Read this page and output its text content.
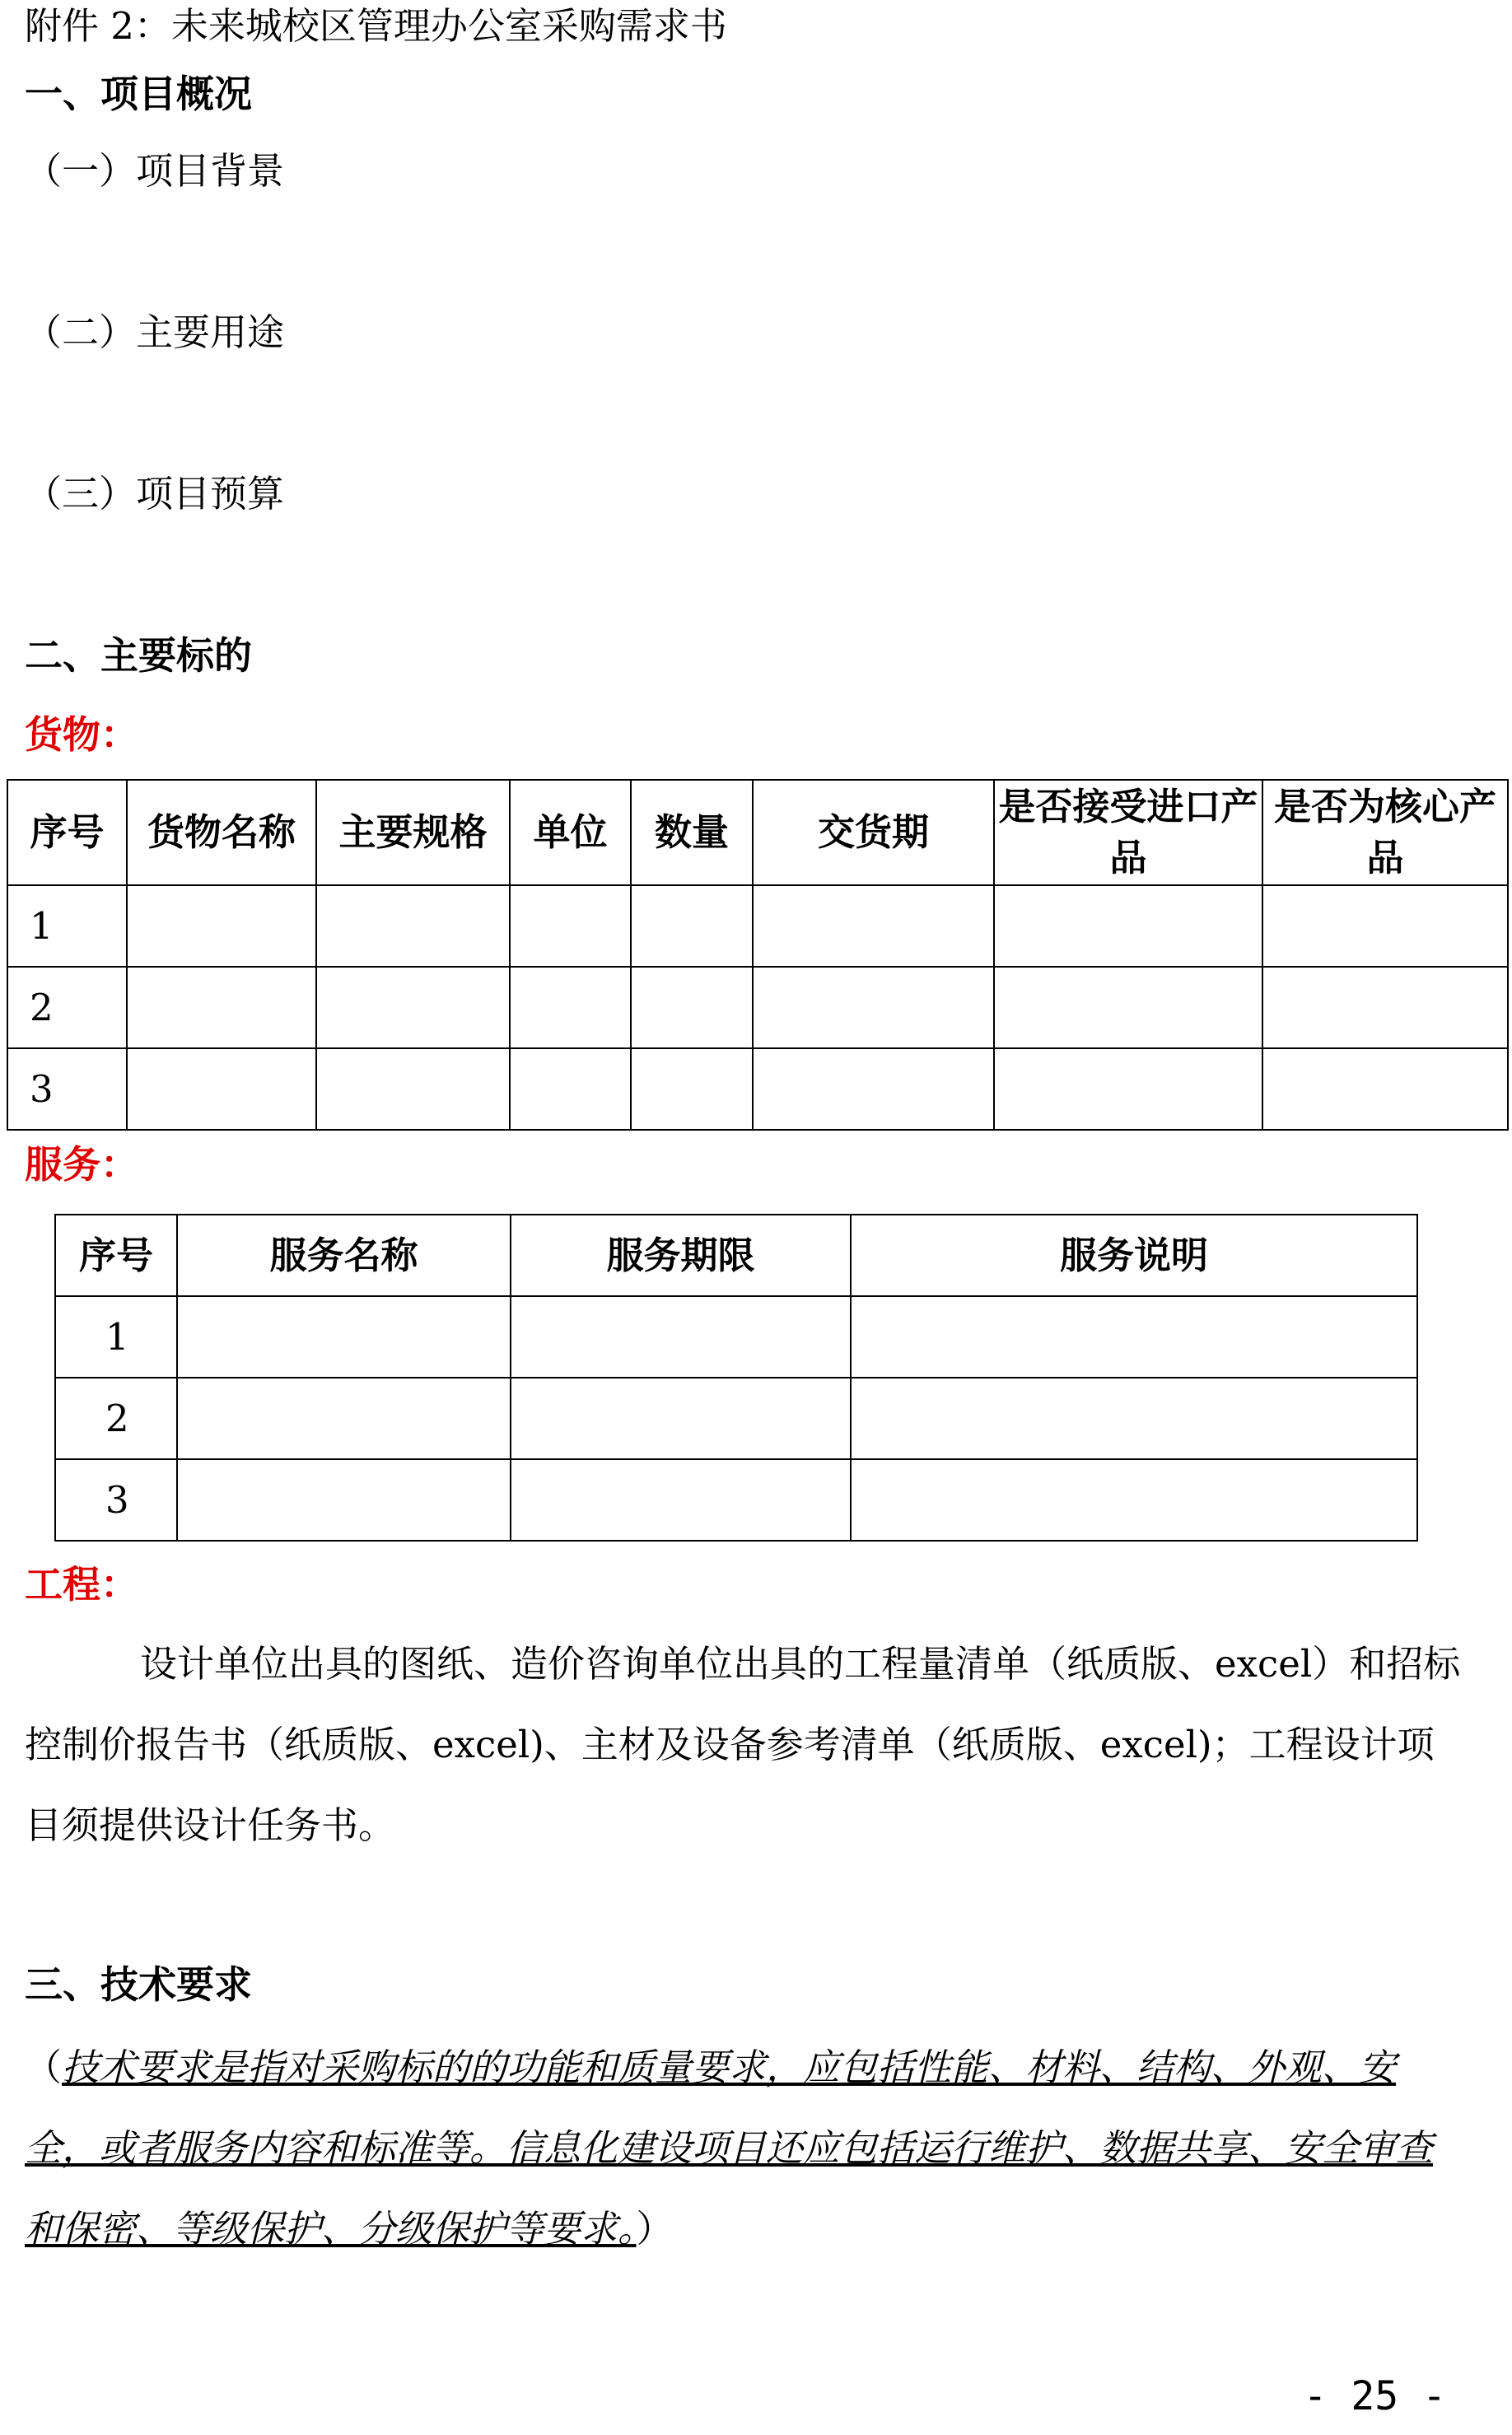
附件 2：未来城校区管理办公室采购需求书
一、项目概况
（一）项目背景
（二）主要用途
（三）项目预算
二、主要标的
货物：
序号	货物名称	主要规格	单位	数量	交货期	是否接受进口产品	是否为核心产品
1							
2							
3							
服务：
序号	服务名称	服务期限	服务说明
1			
2			
3			
工程：
设计单位出具的图纸、造价咨询单位出具的工程量清单（纸质版、excel）和招标控制价报告书（纸质版、excel)、主材及设备参考清单（纸质版、excel)；工程设计项目须提供设计任务书。
三、技术要求
（技术要求是指对采购标的的功能和质量要求，应包括性能、材料、结构、外观、安全，或者服务内容和标准等。信息化建设项目还应包括运行维护、数据共享、安全审查和保密、等级保护、分级保护等要求。）
- 25 -
